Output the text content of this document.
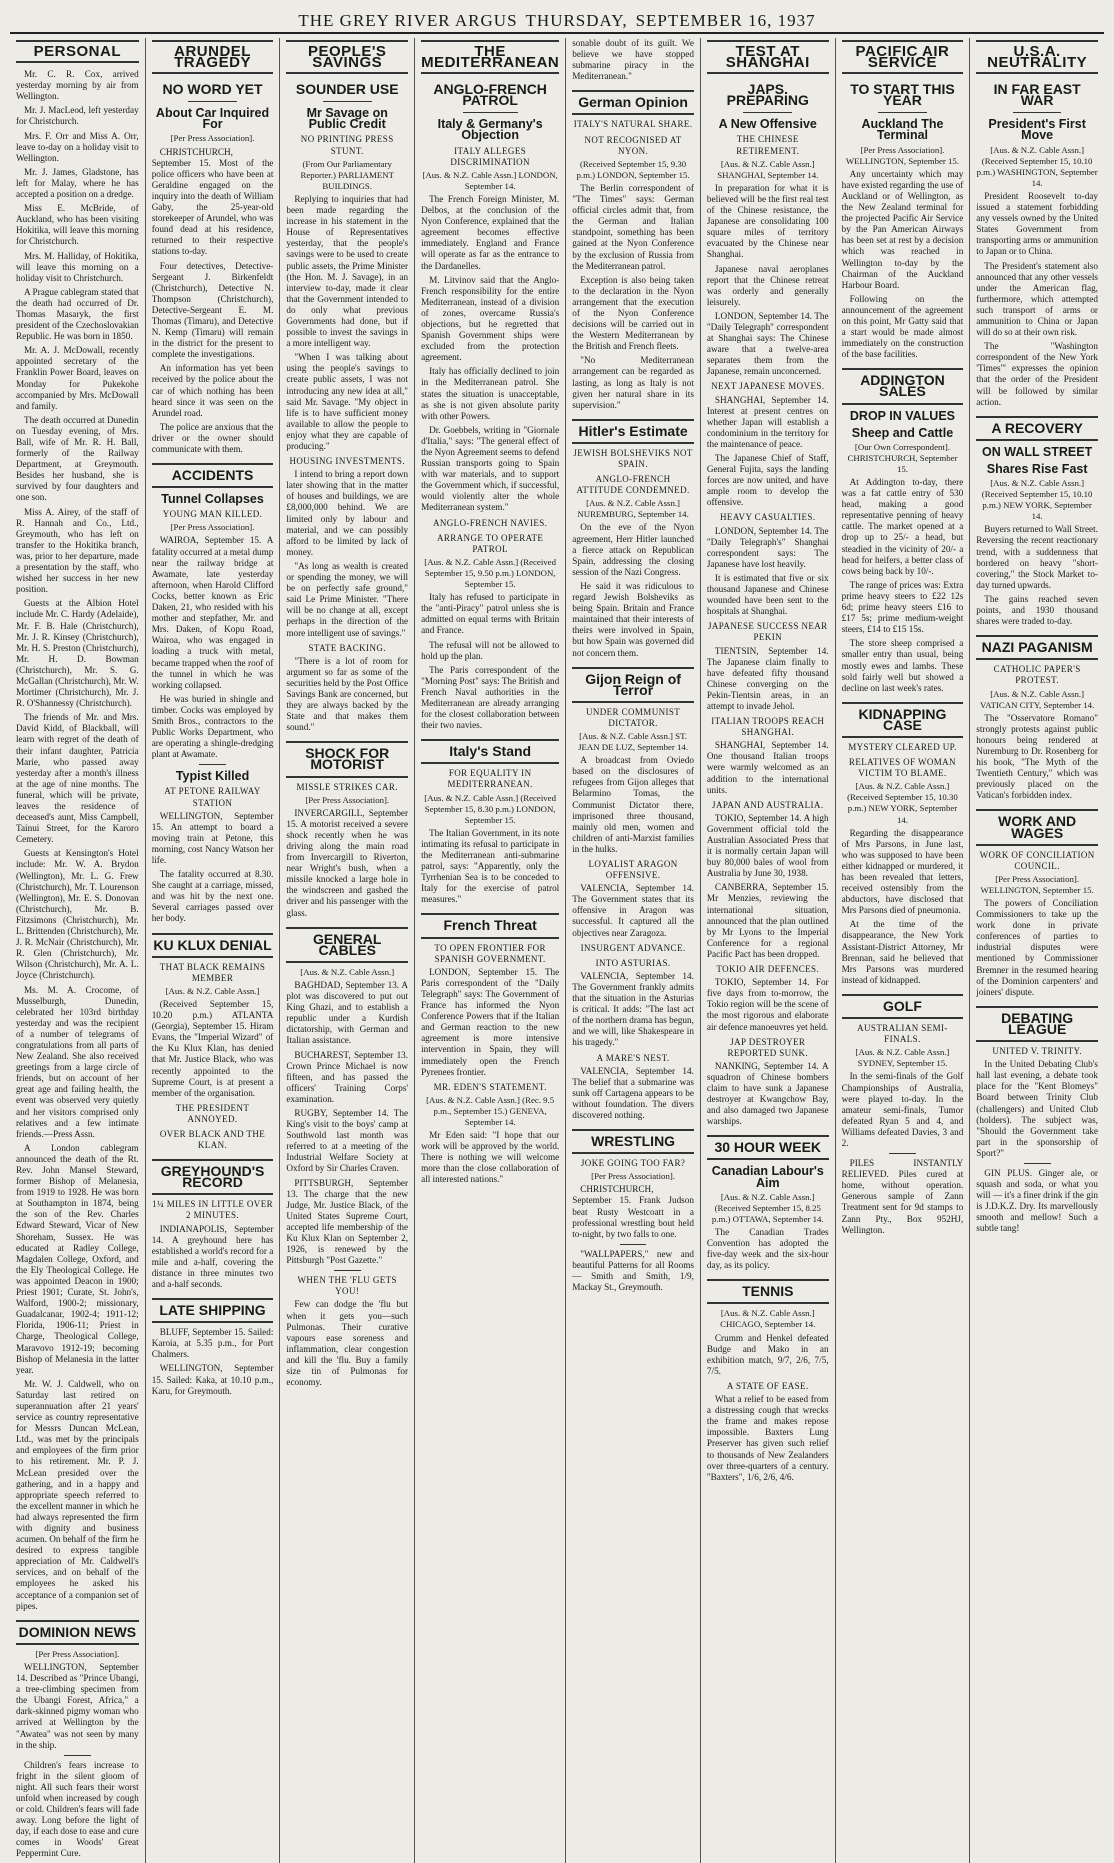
THE GREY RIVER ARGUS THURSDAY, SEPTEMBER 16, 1937
PERSONAL

Mr. C. R. Cox, arrived yesterday morning by air from Wellington.

Mr. J. MacLeod, left yesterday for Christchurch.

Mrs. F. Orr and Miss A. Orr, leave to-day on a holiday visit to Wellington.

Mr. J. James, Gladstone, has left for Malay, where he has accepted a position on a dredge.

Miss E. McBride, of Auckland, who has been visiting Hokitika, will leave this morning for Christchurch.

Mrs. M. Halliday, of Hokitika, will leave this morning on a holiday visit to Christchurch.

A Prague cablegram stated that the death had occurred of Dr. Thomas Masaryk, the first president of the Czechoslovakian Republic. He was born in 1850.

Mr. A. J. McDowall, recently appointed secretary of the Franklin Power Board, leaves on Monday for Pukekohe accompanied by Mrs. McDowall and family.

The death occurred at Dunedin on Tuesday evening, of Mrs. Ball, wife of Mr. R. H. Ball, formerly of the Railway Department, at Greymouth. Besides her husband, she is survived by four daughters and one son.

Miss A. Airey, of the staff of R. Hannah and Co., Ltd., Greymouth, who has left on transfer to the Hokitika branch, was, prior to her departure, made a presentation by the staff, who wished her success in her new position.

Guests at the Albion Hotel include Mr. C. Hardy (Adelaide), Mr. F. B. Hale (Christchurch), Mr. J. R. Kinsey (Christchurch), Mr. H. S. Preston (Christchurch), Mr. H. D. Bowman (Christchurch), Mr. S. G. McGallan (Christchurch), Mr. W. Mortimer (Christchurch), Mr. J. R. O'Shannessy (Christchurch).

The friends of Mr. and Mrs. David Kidd, of Blackball, will learn with regret of the death of their infant daughter, Patricia Marie, who passed away yesterday after a month's illness at the age of nine months. The funeral, which will be private, leaves the residence of deceased's aunt, Miss Campbell, Tainui Street, for the Karoro Cemetery.

Guests at Kensington's Hotel include: Mr. W. A. Brydon (Wellington), Mr. L. G. Frew (Christchurch), Mr. T. Lourenson (Wellington), Mr. E. S. Donovan (Christchurch), Mr. B. Fitzsimons (Christchurch), Mr. L. Brittenden (Christchurch), Mr. J. R. McNair (Christchurch), Mr. R. Glen (Christchurch), Mr. Wilson (Christchurch), Mr. A. L. Joyce (Christchurch).

Ms. M. A. Crocome, of Musselburgh, Dunedin, celebrated her 103rd birthday yesterday and was the recipient of a number of telegrams of congratulations from all parts of New Zealand. She also received greetings from a large circle of friends, but on account of her great age and failing health, the event was observed very quietly and her visitors comprised only relatives and a few intimate friends.—Press Assn.

A London cablegram announced the death of the Rt. Rev. John Mansel Steward, former Bishop of Melanesia, from 1919 to 1928. He was born at Southampton in 1874, being the son of the Rev. Charles Edward Steward, Vicar of New Shoreham, Sussex. He was educated at Radley College, Magdalen College, Oxford, and the Ely Theological College. He was appointed Deacon in 1900; Priest 1901; Curate, St. John's, Walford, 1900-2; missionary, Guadalcanar, 1902-4; 1911-12; Florida, 1906-11; Priest in Charge, Theological College, Maravovo 1912-19; becoming Bishop of Melanesia in the latter year.

Mr. W. J. Caldwell, who on Saturday last retired on superannuation after 21 years' service as country representative for Messrs Duncan McLean, Ltd., was met by the principals and employees of the firm prior to his retirement. Mr. P. J. McLean presided over the gathering, and in a happy and appropriate speech referred to the excellent manner in which he had always represented the firm with dignity and business acumen. On behalf of the firm he desired to express tangible appreciation of Mr. Caldwell's services, and on behalf of the employees he asked his acceptance of a companion set of pipes.

DOMINION NEWS
[Per Press Association].

WELLINGTON, September 14. Described as "Prince Ubangi, a tree-climbing specimen from the Ubangi Forest, Africa," a dark-skinned pigmy woman who arrived at Wellington by the "Awatea" was not seen by many in the ship.

Children's fears increase to fright in the silent gloom of night. All such fears their worst unfold when increased by cough or cold. Children's fears will fade away. Long before the light of day, if each dose to ease and cure comes in Woods' Great Peppermint Cure.

ARUNDEL TRAGEDY
NO WORD YET
About Car Inquired For
[Per Press Association].

CHRISTCHURCH, September 15. Most of the police officers who have been at Geraldine engaged on the inquiry into the death of William Gaby, the 25-year-old storekeeper of Arundel, who was found dead at his residence, returned to their respective stations to-day.

Four detectives, Detective-Sergeant J. Birkenfeldt (Christchurch), Detective N. Thompson (Christchurch), Detective-Sergeant E. M. Thomas (Timaru), and Detective N. Kemp (Timaru) will remain in the district for the present to complete the investigations.

An information has yet been received by the police about the car of which nothing has been heard since it was seen on the Arundel road.

The police are anxious that the driver or the owner should communicate with them.

ACCIDENTS
Tunnel Collapses
YOUNG MAN KILLED.
[Per Press Association].

WAIROA, September 15. A fatality occurred at a metal dump near the railway bridge at Awamate, late yesterday afternoon, when Harold Clifford Cocks, better known as Eric Daken, 21, who resided with his mother and stepfather, Mr. and Mrs. Daken, of Kopu Road, Wairoa, who was engaged in loading a truck with metal, became trapped when the roof of the tunnel in which he was working collapsed.

He was buried in shingle and timber. Cocks was employed by Smith Bros., contractors to the Public Works Department, who are operating a shingle-dredging plant at Awamate.

Typist Killed
AT PETONE RAILWAY STATION

WELLINGTON, September 15. An attempt to board a moving train at Petone, this morning, cost Nancy Watson her life.

The fatality occurred at 8.30. She caught at a carriage, missed, and was hit by the next one. Several carriages passed over her body.

KU KLUX DENIAL
THAT BLACK REMAINS MEMBER
[Aus. & N.Z. Cable Assn.]

(Received September 15, 10.20 p.m.) ATLANTA (Georgia), September 15. Hiram Evans, the "Imperial Wizard" of the Ku Klux Klan, has denied that Mr. Justice Black, who was recently appointed to the Supreme Court, is at present a member of the organisation.

THE PRESIDENT ANNOYED.
OVER BLACK AND THE KLAN.
GREYHOUND'S RECORD
1¼ MILES IN LITTLE OVER 2 MINUTES.

INDIANAPOLIS, September 14. A greyhound here has established a world's record for a mile and a-half, covering the distance in three minutes two and a-half seconds.

LATE SHIPPING

BLUFF, September 15. Sailed: Karoia, at 5.35 p.m., for Port Chalmers.

WELLINGTON, September 15. Sailed: Kaka, at 10.10 p.m., Karu, for Greymouth.

PEOPLE'S SAVINGS
SOUNDER USE
Mr Savage on Public Credit
NO PRINTING PRESS STUNT.
(From Our Parliamentary Reporter.) PARLIAMENT BUILDINGS.

Replying to inquiries that had been made regarding the increase in his statement in the House of Representatives yesterday, that the people's savings were to be used to create public assets, the Prime Minister (the Hon. M. J. Savage), in an interview to-day, made it clear that the Government intended to do only what previous Governments had done, but if possible to invest the savings in a more intelligent way.

"When I was talking about using the people's savings to create public assets, I was not introducing any new idea at all," said Mr. Savage. "My object in life is to have sufficient money available to allow the people to enjoy what they are capable of producing."

HOUSING INVESTMENTS.

I intend to bring a report down later showing that in the matter of houses and buildings, we are £8,000,000 behind. We are limited only by labour and material, and we can possibly afford to be limited by lack of money.

"As long as wealth is created or spending the money, we will be on perfectly safe ground," said Le Prime Minister. "There will be no change at all, except perhaps in the direction of the more intelligent use of savings."

STATE BACKING.

"There is a lot of room for argument so far as some of the securities held by the Post Office Savings Bank are concerned, but they are always backed by the State and that makes them sound."

SHOCK FOR MOTORIST
MISSLE STRIKES CAR.
[Per Press Association].

INVERCARGILL, September 15. A motorist received a severe shock recently when he was driving along the main road from Invercargill to Riverton, near Wright's bush, when a missile knocked a large hole in the windscreen and gashed the driver and his passenger with the glass.

GENERAL CABLES
[Aus. & N.Z. Cable Assn.]

BAGHDAD, September 13. A plot was discovered to put out King Ghazi, and to establish a republic under a Kurdish dictatorship, with German and Italian assistance.

BUCHAREST, September 13. Crown Prince Michael is now fifteen, and has passed the officers' Training Corps' examination.

RUGBY, September 14. The King's visit to the boys' camp at Southwold last month was referred to at a meeting of the Industrial Welfare Society at Oxford by Sir Charles Craven.

PITTSBURGH, September 13. The charge that the new Judge, Mr. Justice Black, of the United States Supreme Court, accepted life membership of the Ku Klux Klan on September 2, 1926, is renewed by the Pittsburgh "Post Gazette."

WHEN THE 'FLU GETS YOU!

Few can dodge the 'flu but when it gets you—such Pulmonas. Their curative vapours ease soreness and inflammation, clear congestion and kill the 'flu. Buy a family size tin of Pulmonas for economy.

THE MEDITERRANEAN
ANGLO-FRENCH PATROL
Italy & Germany's Objection
ITALY ALLEGES DISCRIMINATION
[Aus. & N.Z. Cable Assn.] LONDON, September 14.

The French Foreign Minister, M. Delbos, at the conclusion of the Nyon Conference, explained that the agreement becomes effective immediately. England and France will operate as far as the entrance to the Dardanelles.

M. Litvinov said that the Anglo-French responsibility for the entire Mediterranean, instead of a division of zones, overcame Russia's objections, but he regretted that Spanish Government ships were excluded from the protection agreement.

Italy has officially declined to join in the Mediterranean patrol. She states the situation is unacceptable, as she is not given absolute parity with other Powers.

Dr. Goebbels, writing in "Giornale d'Italia," says: "The general effect of the Nyon Agreement seems to defend Russian transports going to Spain with war materials, and to support the Government which, if successful, would violently alter the whole Mediterranean system."

ANGLO-FRENCH NAVIES.
ARRANGE TO OPERATE PATROL
[Aus. & N.Z. Cable Assn.] (Received September 15, 9.50 p.m.) LONDON, September 15.

Italy has refused to participate in the "anti-Piracy" patrol unless she is admitted on equal terms with Britain and France.

The refusal will not be allowed to hold up the plan.

The Paris correspondent of the "Morning Post" says: The British and French Naval authorities in the Mediterranean are already arranging for the closest collaboration between their two navies.

Italy's Stand
FOR EQUALITY IN MEDITERRANEAN.
[Aus. & N.Z. Cable Assn.] (Received September 15, 8.30 p.m.) LONDON, September 15.

The Italian Government, in its note intimating its refusal to participate in the Mediterranean anti-submarine patrol, says: "Apparently, only the Tyrrhenian Sea is to be conceded to Italy for the exercise of patrol measures."

French Threat
TO OPEN FRONTIER FOR SPANISH GOVERNMENT.

LONDON, September 15. The Paris correspondent of the "Daily Telegraph" says: The Government of France has informed the Nyon Conference Powers that if the Italian and German reaction to the new agreement is more intensive intervention in Spain, they will immediately open the French Pyrenees frontier.

MR. EDEN'S STATEMENT.
[Aus. & N.Z. Cable Assn.] (Rec. 9.5 p.m., September 15.) GENEVA, September 14.

Mr Eden said: "I hope that our work will be approved by the world. There is nothing we will welcome more than the close collaboration of all interested nations."

sonable doubt of its guilt. We believe we have stopped submarine piracy in the Mediterranean."

German Opinion
ITALY'S NATURAL SHARE.
NOT RECOGNISED AT NYON.
(Received September 15, 9.30 p.m.) LONDON, September 15.

The Berlin correspondent of "The Times" says: German official circles admit that, from the German and Italian standpoint, something has been gained at the Nyon Conference by the exclusion of Russia from the Mediterranean patrol.

Exception is also being taken to the declaration in the Nyon arrangement that the execution of the Nyon Conference decisions will be carried out in the Western Mediterranean by the British and French fleets.

"No Mediterranean arrangement can be regarded as lasting, as long as Italy is not given her natural share in its supervision."

Hitler's Estimate
JEWISH BOLSHEVIKS NOT SPAIN.
ANGLO-FRENCH ATTITUDE CONDEMNED.
[Aus. & N.Z. Cable Assn.] NUREMBURG, September 14.

On the eve of the Nyon agreement, Herr Hitler launched a fierce attack on Republican Spain, addressing the closing session of the Nazi Congress.

He said it was ridiculous to regard Jewish Bolsheviks as being Spain. Britain and France maintained that their interests of theirs were involved in Spain, but how Spain was governed did not concern them.

Gijon Reign of Terror
UNDER COMMUNIST DICTATOR.
[Aus. & N.Z. Cable Assn.] ST. JEAN DE LUZ, September 14.

A broadcast from Oviedo based on the disclosures of refugees from Gijon alleges that Belarmino Tomas, the Communist Dictator there, imprisoned three thousand, mainly old men, women and children of anti-Marxist families in the hulks.

LOYALIST ARAGON OFFENSIVE.

VALENCIA, September 14. The Government states that its offensive in Aragon was successful. It captured all the objectives near Zaragoza.

INSURGENT ADVANCE.
INTO ASTURIAS.

VALENCIA, September 14. The Government frankly admits that the situation in the Asturias is critical. It adds: "The last act of the northern drama has begun, and we will, like Shakespeare in his tragedy."

A MARE'S NEST.

VALENCIA, September 14. The belief that a submarine was sunk off Cartagena appears to be without foundation. The divers discovered nothing.

WRESTLING
JOKE GOING TOO FAR?
[Per Press Association].

CHRISTCHURCH, September 15. Frank Judson beat Rusty Westcoatt in a professional wrestling bout held to-night, by two falls to one.

"WALLPAPERS," new and beautiful Patterns for all Rooms — Smith and Smith, 1/9, Mackay St., Greymouth.

TEST AT SHANGHAI
JAPS. PREPARING
A New Offensive
THE CHINESE RETIREMENT.
[Aus. & N.Z. Cable Assn.] SHANGHAI, September 14.

In preparation for what it is believed will be the first real test of the Chinese resistance, the Japanese are consolidating 100 square miles of territory evacuated by the Chinese near Shanghai.

Japanese naval aeroplanes report that the Chinese retreat was orderly and generally leisurely.

LONDON, September 14. The "Daily Telegraph" correspondent at Shanghai says: The Chinese aware that a twelve-area separates them from the Japanese, remain unconcerned.

NEXT JAPANESE MOVES.

SHANGHAI, September 14. Interest at present centres on whether Japan will establish a condominium in the territory for the maintenance of peace.

The Japanese Chief of Staff, General Fujita, says the landing forces are now united, and have ample room to develop the offensive.

HEAVY CASUALTIES.

LONDON, September 14. The "Daily Telegraph's" Shanghai correspondent says: The Japanese have lost heavily.

It is estimated that five or six thousand Japanese and Chinese wounded have been sent to the hospitals at Shanghai.

JAPANESE SUCCESS NEAR PEKIN

TIENTSIN, September 14. The Japanese claim finally to have defeated fifty thousand Chinese converging on the Pekin-Tientsin areas, in an attempt to invade Jehol.

ITALIAN TROOPS REACH SHANGHAI.

SHANGHAI, September 14. One thousand Italian troops were warmly welcomed as an addition to the international units.

JAPAN AND AUSTRALIA.

TOKIO, September 14. A high Government official told the Australian Associated Press that it is normally certain Japan will buy 80,000 bales of wool from Australia by June 30, 1938.

CANBERRA, September 15. Mr Menzies, reviewing the international situation, announced that the plan outlined by Mr Lyons to the Imperial Conference for a regional Pacific Pact has been dropped.

TOKIO AIR DEFENCES.

TOKIO, September 14. For five days from to-morrow, the Tokio region will be the scene of the most rigorous and elaborate air defence manoeuvres yet held.

JAP DESTROYER REPORTED SUNK.

NANKING, September 14. A squadron of Chinese bombers claim to have sunk a Japanese destroyer at Kwangchow Bay, and also damaged two Japanese warships.

30 HOUR WEEK
Canadian Labour's Aim
[Aus. & N.Z. Cable Assn.] (Received September 15, 8.25 p.m.) OTTAWA, September 14.

The Canadian Trades Convention has adopted the five-day week and the six-hour day, as its policy.

TENNIS
[Aus. & N.Z. Cable Assn.] CHICAGO, September 14.

Crumm and Henkel defeated Budge and Mako in an exhibition match, 9/7, 2/6, 7/5, 7/5.

A STATE OF EASE.

What a relief to be eased from a distressing cough that wrecks the frame and makes repose impossible. Baxters Lung Preserver has given such relief to thousands of New Zealanders over three-quarters of a century. "Baxters", 1/6, 2/6, 4/6.

PACIFIC AIR SERVICE
TO START THIS YEAR
Auckland The Terminal
[Per Press Association]. WELLINGTON, September 15.

Any uncertainty which may have existed regarding the use of Auckland or of Wellington, as the New Zealand terminal for the projected Pacific Air Service by the Pan American Airways has been set at rest by a decision which was reached in Wellington to-day by the Chairman of the Auckland Harbour Board.

Following on the announcement of the agreement on this point, Mr Gatty said that a start would be made almost immediately on the construction of the base facilities.

ADDINGTON SALES
DROP IN VALUES
Sheep and Cattle
[Our Own Correspondent]. CHRISTCHURCH, September 15.

At Addington to-day, there was a fat cattle entry of 530 head, making a good representative penning of heavy cattle. The market opened at a drop up to 25/- a head, but steadied in the vicinity of 20/- a head for heifers, a better class of cows being back by 10/-.

The range of prices was: Extra prime heavy steers to £22 12s 6d; prime heavy steers £16 to £17 5s; prime medium-weight steers, £14 to £15 15s.

The store sheep comprised a smaller entry than usual, being mostly ewes and lambs. These sold fairly well but showed a decline on last week's rates.

KIDNAPPING CASE
MYSTERY CLEARED UP.
RELATIVES OF WOMAN VICTIM TO BLAME.
[Aus. & N.Z. Cable Assn.] (Received September 15, 10.30 p.m.) NEW YORK, September 14.

Regarding the disappearance of Mrs Parsons, in June last, who was supposed to have been either kidnapped or murdered, it has been revealed that letters, received ostensibly from the abductors, have disclosed that Mrs Parsons died of pneumonia.

At the time of the disappearance, the New York Assistant-District Attorney, Mr Brennan, said he believed that Mrs Parsons was murdered instead of kidnapped.

GOLF
AUSTRALIAN SEMI-FINALS.
[Aus. & N.Z. Cable Assn.] SYDNEY, September 15.

In the semi-finals of the Golf Championships of Australia, were played to-day. In the amateur semi-finals, Tumor defeated Ryan 5 and 4, and Williams defeated Davies, 3 and 2.

PILES INSTANTLY RELIEVED. Piles cured at home, without operation. Generous sample of Zann Treatment sent for 9d stamps to Zann Pty., Box 952HJ, Wellington.

U.S.A. NEUTRALITY
IN FAR EAST WAR
President's First Move
[Aus. & N.Z. Cable Assn.] (Received September 15, 10.10 p.m.) WASHINGTON, September 14.

President Roosevelt to-day issued a statement forbidding any vessels owned by the United States Government from transporting arms or ammunition to Japan or to China.

The President's statement also announced that any other vessels under the American flag, furthermore, which attempted such transport of arms or ammunition to China or Japan will do so at their own risk.

The "Washington correspondent of the New York 'Times'" expresses the opinion that the order of the President will be followed by similar action.

A RECOVERY
ON WALL STREET
Shares Rise Fast
[Aus. & N.Z. Cable Assn.] (Received September 15, 10.10 p.m.) NEW YORK, September 14.

Buyers returned to Wall Street. Reversing the recent reactionary trend, with a suddenness that bordered on heavy "short-covering," the Stock Market to-day turned upwards.

The gains reached seven points, and 1930 thousand shares were traded to-day.

NAZI PAGANISM
CATHOLIC PAPER'S PROTEST.
[Aus. & N.Z. Cable Assn.] VATICAN CITY, September 14.

The "Osservatore Romano" strongly protests against public honours being rendered at Nuremburg to Dr. Rosenberg for his book, "The Myth of the Twentieth Century," which was previously placed on the Vatican's forbidden index.

WORK AND WAGES
WORK OF CONCILIATION COUNCIL.
[Per Press Association]. WELLINGTON, September 15.

The powers of Conciliation Commissioners to take up the work done in private conferences of parties to industrial disputes were mentioned by Commissioner Bremner in the resumed hearing of the Dominion carpenters' and joiners' dispute.

DEBATING LEAGUE
UNITED V. TRINITY.

In the United Debating Club's hall last evening, a debate took place for the "Kent Blomeys" Board between Trinity Club (challengers) and United Club (holders). The subject was, "Should the Government take part in the sponsorship of Sport?"

GIN PLUS. Ginger ale, or squash and soda, or what you will — it's a finer drink if the gin is J.D.K.Z. Dry. Its marvellously smooth and mellow! Such a subtle tang!
